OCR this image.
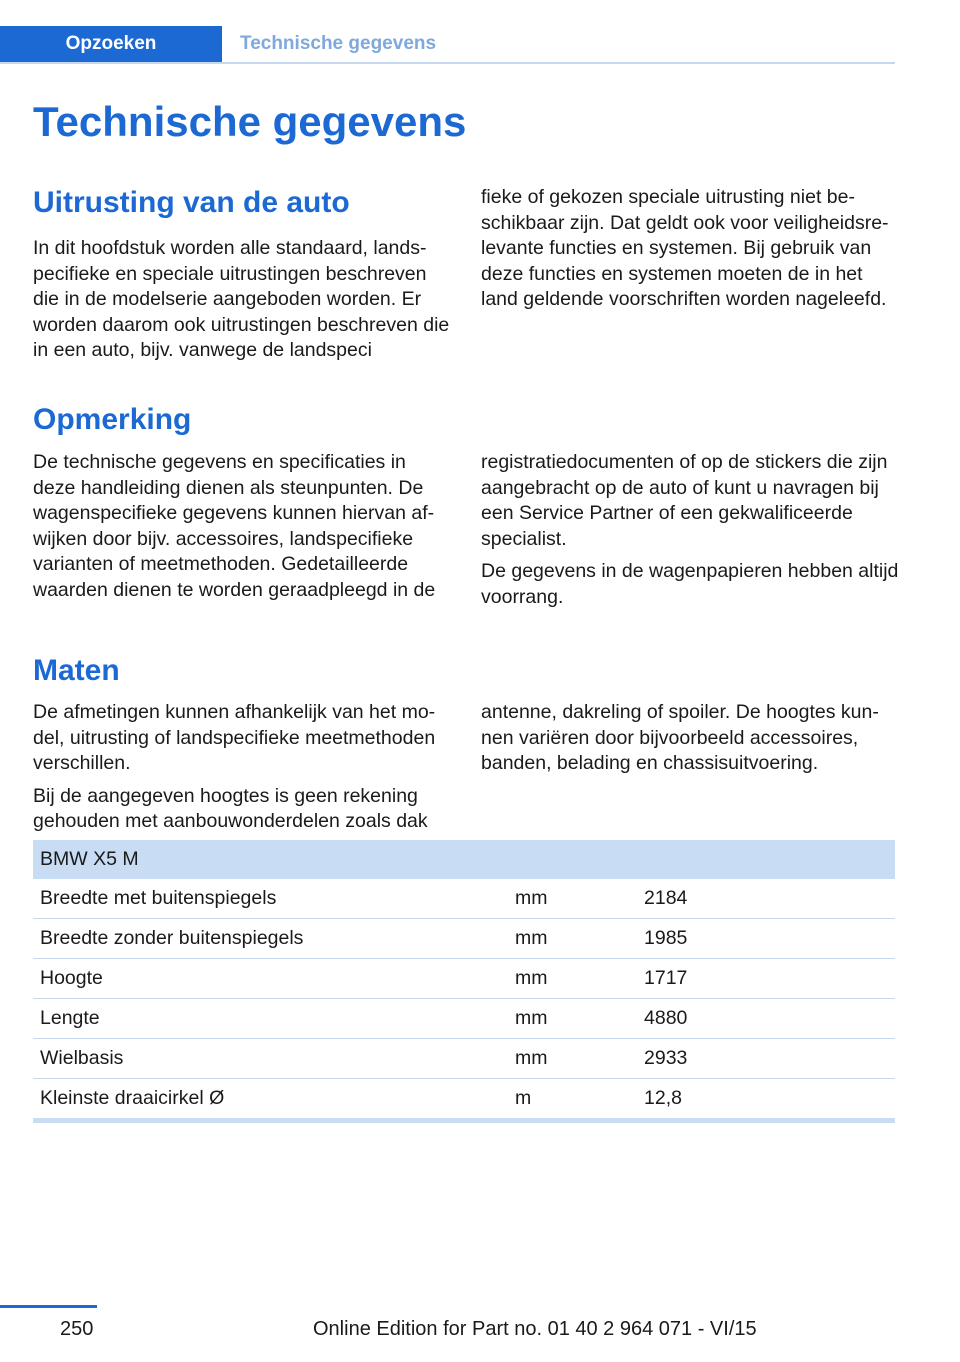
Opzoeken	Technische gegevens
Technische gegevens
Uitrusting van de auto

In dit hoofdstuk worden alle standaard, landspecifieke en speciale uitrustingen beschreven die in de modelserie aangeboden worden. Er worden daarom ook uitrustingen beschreven die in een auto, bijv. vanwege de landspeci

fieke of gekozen speciale uitrusting niet beschikbaar zijn. Dat geldt ook voor veiligheidsrelevante functies en systemen. Bij gebruik van deze functies en systemen moeten de in het land geldende voorschriften worden nageleefd.

Opmerking

De technische gegevens en specificaties in deze handleiding dienen als steunpunten. De wagenspecifieke gegevens kunnen hiervan afwijken door bijv. accessoires, landspecifieke varianten of meetmethoden. Gedetailleerde waarden dienen te worden geraadpleegd in de

registratiedocumenten of op de stickers die zijn aangebracht op de auto of kunt u navragen bij een Service Partner of een gekwalificeerde specialist.

De gegevens in de wagenpapieren hebben altijd voorrang.

Maten

De afmetingen kunnen afhankelijk van het model, uitrusting of landspecifieke meetmethoden verschillen.

Bij de aangegeven hoogtes is geen rekening gehouden met aanbouwonderdelen zoals dak

antenne, dakreling of spoiler. De hoogtes kunnen variëren door bijvoorbeeld accessoires, banden, belading en chassisuitvoering.

BMW X5 M		
Breedte met buitenspiegels	mm	2184
Breedte zonder buitenspiegels	mm	1985
Hoogte	mm	1717
Lengte	mm	4880
Wielbasis	mm	2933
Kleinste draaicirkel Ø	m	12,8
250	Online Edition for Part no. 01 40 2 964 071 - VI/15
